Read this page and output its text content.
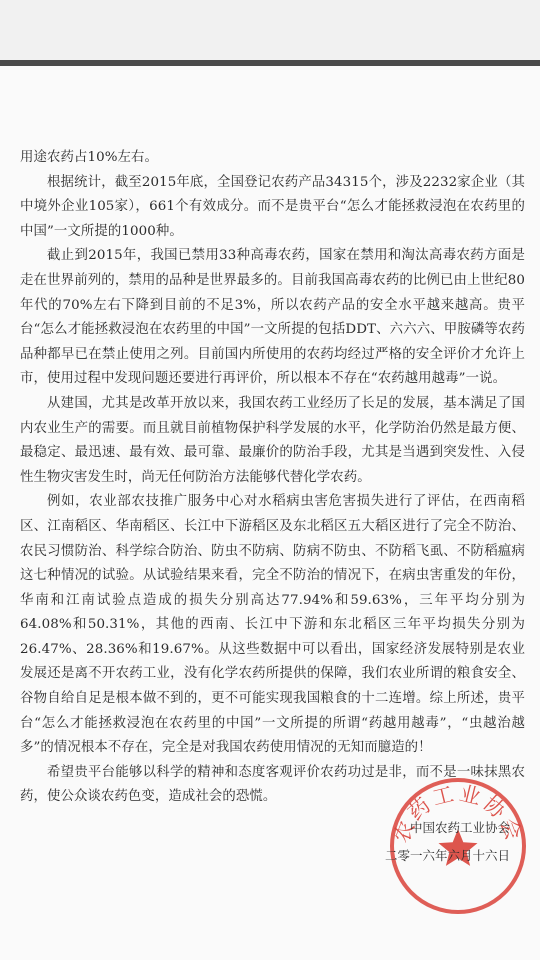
用途农药占10%左右。

根据统计，截至2015年底，全国登记农药产品34315个，涉及2232家企业（其中境外企业105家），661个有效成分。而不是贵平台“怎么才能拯救浸泡在农药里的中国”一文所提的1000种。

截止到2015年，我国已禁用33种高毒农药，国家在禁用和淘汰高毒农药方面是走在世界前列的，禁用的品种是世界最多的。目前我国高毒农药的比例已由上世纪80年代的70%左右下降到目前的不足3%，所以农药产品的安全水平越来越高。贵平台“怎么才能拯救浸泡在农药里的中国”一文所提的包括DDT、六六六、甲胺磷等农药品种都早已在禁止使用之列。目前国内所使用的农药均经过严格的安全评价才允许上市，使用过程中发现问题还要进行再评价，所以根本不存在“农药越用越毒”一说。

从建国，尤其是改革开放以来，我国农药工业经历了长足的发展，基本满足了国内农业生产的需要。而且就目前植物保护科学发展的水平，化学防治仍然是最方便、最稳定、最迅速、最有效、最可靠、最廉价的防治手段，尤其是当遇到突发性、入侵性生物灾害发生时，尚无任何防治方法能够代替化学农药。

例如，农业部农技推广服务中心对水稻病虫害危害损失进行了评估，在西南稻区、江南稻区、华南稻区、长江中下游稻区及东北稻区五大稻区进行了完全不防治、农民习惯防治、科学综合防治、防虫不防病、防病不防虫、不防稻飞虱、不防稻瘟病这七种情况的试验。从试验结果来看，完全不防治的情况下，在病虫害重发的年份，华南和江南试验点造成的损失分别高达77.94%和59.63%，三年平均分别为64.08%和50.31%，其他的西南、长江中下游和东北稻区三年平均损失分别为26.47%、28.36%和19.67%。从这些数据中可以看出，国家经济发展特别是农业发展还是离不开农药工业，没有化学农药所提供的保障，我们农业所谓的粮食安全、谷物自给自足是根本做不到的，更不可能实现我国粮食的十二连增。综上所述，贵平台“怎么才能拯救浸泡在农药里的中国”一文所提的所谓“药越用越毒”，“虫越治越多”的情况根本不存在，完全是对我国农药使用情况的无知而臆造的！

希望贵平台能够以科学的精神和态度客观评价农药功过是非，而不是一味抹黑农药，使公众谈农药色变，造成社会的恐慌。

农药工业协会
中国农药工业协会
二零一六年六月十六日
